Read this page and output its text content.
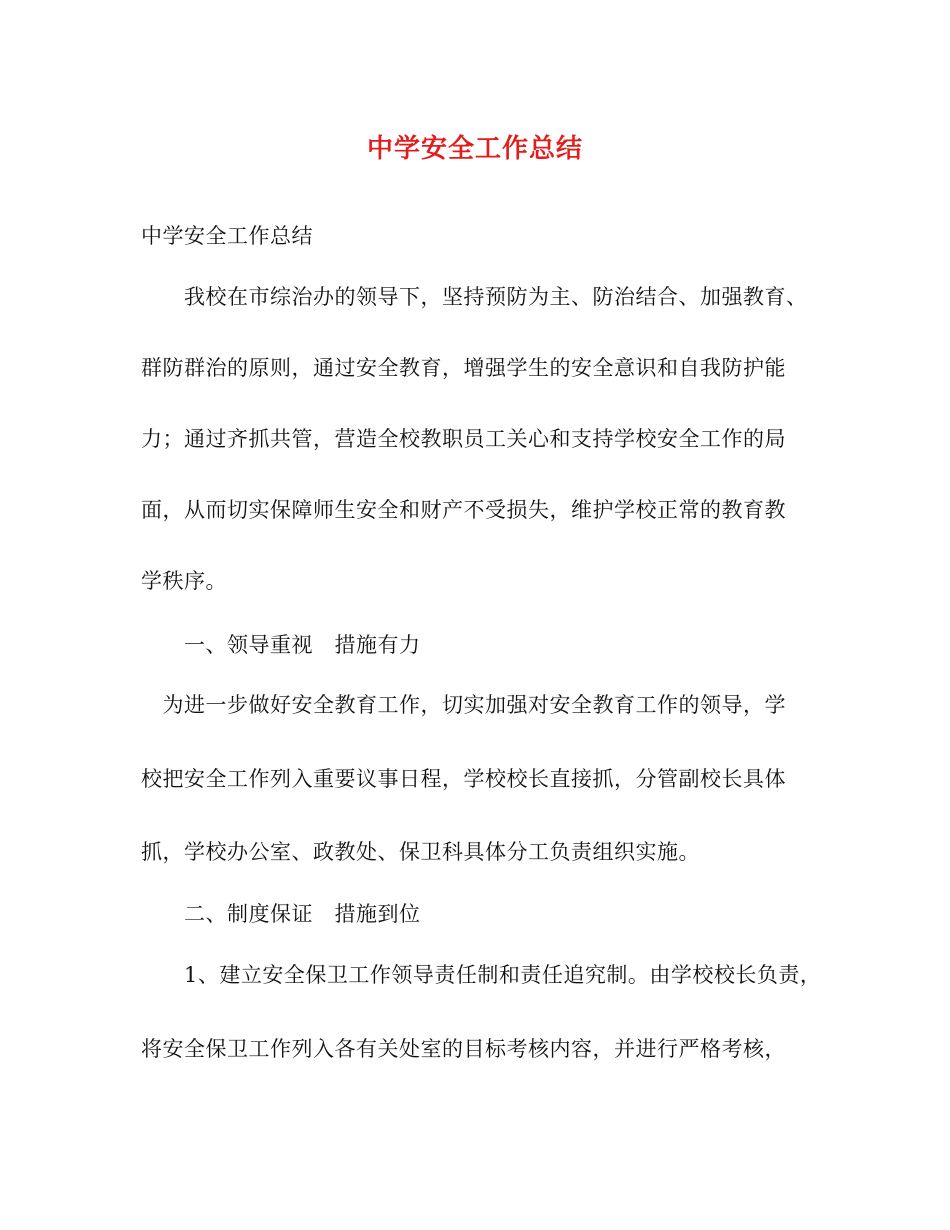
中学安全工作总结
中学安全工作总结
　　我校在市综治办的领导下，坚持预防为主、防治结合、加强教育、
群防群治的原则，通过安全教育，增强学生的安全意识和自我防护能
力；通过齐抓共管，营造全校教职员工关心和支持学校安全工作的局
面，从而切实保障师生安全和财产不受损失，维护学校正常的教育教
学秩序。
　　一、领导重视　措施有力
　为进一步做好安全教育工作，切实加强对安全教育工作的领导，学
校把安全工作列入重要议事日程，学校校长直接抓，分管副校长具体
抓，学校办公室、政教处、保卫科具体分工负责组织实施。
　　二、制度保证　措施到位
　　1、建立安全保卫工作领导责任制和责任追究制。由学校校长负责，
将安全保卫工作列入各有关处室的目标考核内容，并进行严格考核，
